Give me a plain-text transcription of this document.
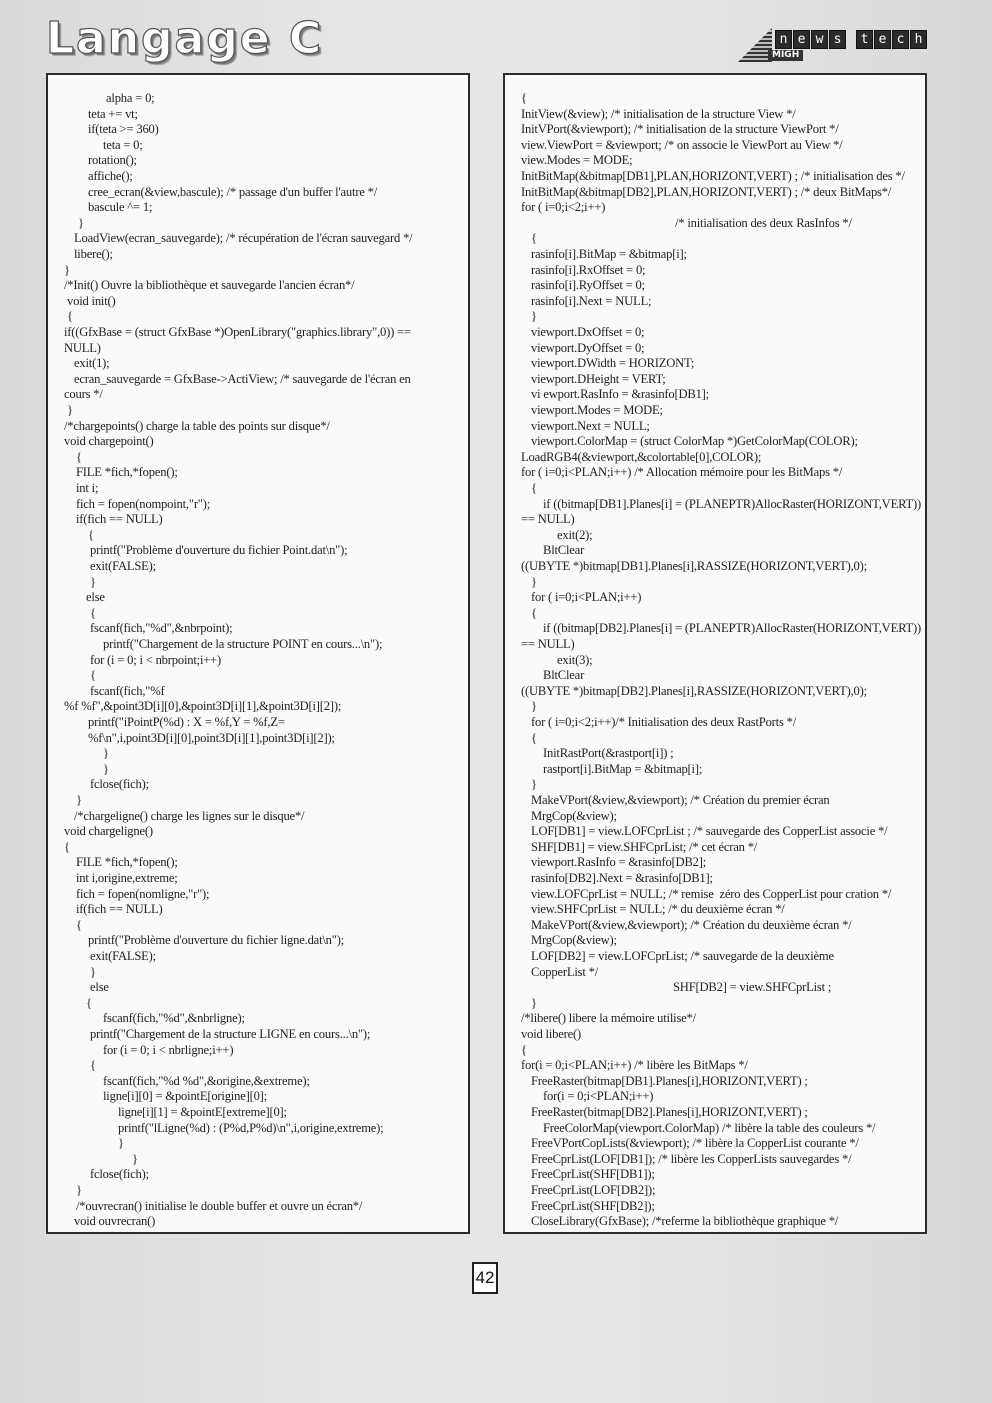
Langage C	n e w s	t e c h
MIGH
alpha = 0;
teta += vt;
if(teta >= 360)
teta = 0;
rotation();
affiche();
cree_ecran(&view,bascule); /* passage d'un buffer l'autre */
bascule ^= 1;
}
LoadView(ecran_sauvegarde); /* récupération de l'écran sauvegard */
libere();
}
/*Init() Ouvre la bibliothèque et sauvegarde l'ancien écran*/
void init()
{
if((GfxBase = (struct GfxBase *)OpenLibrary("graphics.library",0)) ==
NULL)
exit(1);
ecran_sauvegarde = GfxBase->ActiView; /* sauvegarde de l'écran en
cours */
}
/*chargepoints() charge la table des points sur disque*/
void chargepoint()
{
FILE *fich,*fopen();
int i;
fich = fopen(nompoint,"r");
if(fich == NULL)
{
printf("Problème d'ouverture du fichier Point.dat\n");
exit(FALSE);
}
else
{
fscanf(fich,"%d",&nbrpoint);
printf("Chargement de la structure POINT en cours...\n");
for (i = 0; i < nbrpoint;i++)
{
fscanf(fich,"%f
%f %f",&point3D[i][0],&point3D[i][1],&point3D[i][2]);
printf("iPointP(%d) : X = %f,Y = %f,Z=
%f\n",i,point3D[i][0],point3D[i][1],point3D[i][2]);
}
}
fclose(fich);
}
/*chargeligne() charge les lignes sur le disque*/
void chargeligne()
{
FILE *fich,*fopen();
int i,origine,extreme;
fich = fopen(nomligne,"r");
if(fich == NULL)
{
printf("Problème d'ouverture du fichier ligne.dat\n");
exit(FALSE);
}
else
{
fscanf(fich,"%d",&nbrligne);
printf("Chargement de la structure LIGNE en cours...\n");
for (i = 0; i < nbrligne;i++)
{
fscanf(fich,"%d %d",&origine,&extreme);
ligne[i][0] = &pointE[origine][0];
ligne[i][1] = &pointE[extreme][0];
printf("lLigne(%d) : (P%d,P%d)\n",i,origine,extreme);
}
}
fclose(fich);
}
/*ouvrecran() initialise le double buffer et ouvre un écran*/
void ouvrecran()
{
InitView(&view); /* initialisation de la structure View */
InitVPort(&viewport); /* initialisation de la structure ViewPort */
view.ViewPort = &viewport; /* on associe le ViewPort au View */
view.Modes = MODE;
InitBitMap(&bitmap[DB1],PLAN,HORIZONT,VERT) ; /* initialisation des */
InitBitMap(&bitmap[DB2],PLAN,HORIZONT,VERT) ; /* deux BitMaps*/
for ( i=0;i<2;i++)
/* initialisation des deux RasInfos */
{
rasinfo[i].BitMap = &bitmap[i];
rasinfo[i].RxOffset = 0;
rasinfo[i].RyOffset = 0;
rasinfo[i].Next = NULL;
}
viewport.DxOffset = 0;
viewport.DyOffset = 0;
viewport.DWidth = HORIZONT;
viewport.DHeight = VERT;
vi ewport.RasInfo = &rasinfo[DB1];
viewport.Modes = MODE;
viewport.Next = NULL;
viewport.ColorMap = (struct ColorMap *)GetColorMap(COLOR);
LoadRGB4(&viewport,&colortable[0],COLOR);
for ( i=0;i<PLAN;i++) /* Allocation mémoire pour les BitMaps */
{
if ((bitmap[DB1].Planes[i] = (PLANEPTR)AllocRaster(HORIZONT,VERT))
== NULL)
exit(2);
BltClear
((UBYTE *)bitmap[DB1].Planes[i],RASSIZE(HORIZONT,VERT),0);
}
for ( i=0;i<PLAN;i++)
{
if ((bitmap[DB2].Planes[i] = (PLANEPTR)AllocRaster(HORIZONT,VERT))
== NULL)
exit(3);
BltClear
((UBYTE *)bitmap[DB2].Planes[i],RASSIZE(HORIZONT,VERT),0);
}
for ( i=0;i<2;i++)/* Initialisation des deux RastPorts */
{
InitRastPort(&rastport[i]) ;
rastport[i].BitMap = &bitmap[i];
}
MakeVPort(&view,&viewport); /* Création du premier écran
MrgCop(&view);
LOF[DB1] = view.LOFCprList ; /* sauvegarde des CopperList associe */
SHF[DB1] = view.SHFCprList; /* cet écran */
viewport.RasInfo = &rasinfo[DB2];
rasinfo[DB2].Next = &rasinfo[DB1];
view.LOFCprList = NULL; /* remise  zéro des CopperList pour cration */
view.SHFCprList = NULL; /* du deuxième écran */
MakeVPort(&view,&viewport); /* Création du deuxième écran */
MrgCop(&view);
LOF[DB2] = view.LOFCprList; /* sauvegarde de la deuxième
CopperList */
SHF[DB2] = view.SHFCprList ;
}
/*libere() libere la mémoire utilise*/
void libere()
{
for(i = 0;i<PLAN;i++) /* libère les BitMaps */
FreeRaster(bitmap[DB1].Planes[i],HORIZONT,VERT) ;
for(i = 0;i<PLAN;i++)
FreeRaster(bitmap[DB2].Planes[i],HORIZONT,VERT) ;
FreeColorMap(viewport.ColorMap) /* libère la table des couleurs */
FreeVPortCopLists(&viewport); /* libère la CopperList courante */
FreeCprList(LOF[DB1]); /* libère les CopperLists sauvegardes */
FreeCprList(SHF[DB1]);
FreeCprList(LOF[DB2]);
FreeCprList(SHF[DB2]);
CloseLibrary(GfxBase); /*referme la bibliothèque graphique */
42
